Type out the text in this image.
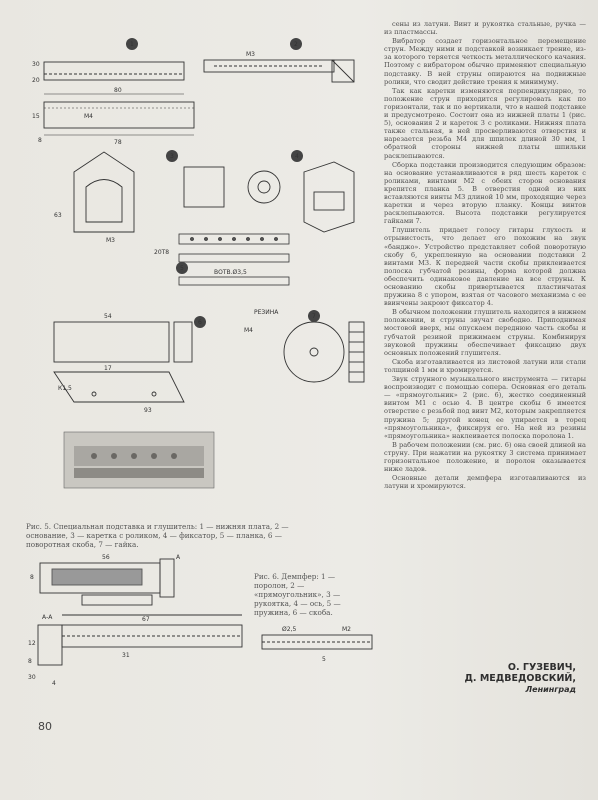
1	2
3	4
5
6
7
М3
20
30
80
15	М4
8	78
63
М3
20Т8
ВОТВ.Ø3,5
54
17
К1,5
М4
93
РЕЗИНА
Рис. 5. Специальная подставка и глушитель: 1 — нижняя плата, 2 — основание, 3 — каретка с роликом, 4 — фиксатор, 5 — планка, 6 — поворотная скоба, 7 — гайка.
56
8
А
А-А	67
12
8
30
Ø2,5	М2
31
4
5
Рис. 6. Демпфер: 1 — поролон, 2 — «прямоугольник», 3 — рукоятка, 4 — ось, 5 — пружина, 6 — скоба.

сены из латуни. Винт и рукоятка стальные, ручка — из пластмассы.

Вибратор создает горизонтальное перемещение струн. Между ними и подставкой возникает трение, из-за которого теряется четкость металлического качания. Поэтому с вибратором обычно применяют специальную подставку. В ней струны опираются на подвижные ролики, что сводит действие трения к минимуму.

Так как каретки изменяются перпендикулярно, то положение струн приходится регулировать как по горизонтали, так и по вертикали, что в нашей подставке и предусмотрено. Состоит она из нижней платы 1 (рис. 5), основания 2 и кареток 3 с роликами. Нижняя плата также стальная, в ней просверливаются отверстия и нарезается резьба М4 для шпилек длиной 30 мм, 1 обратной стороны нижней платы шпильки расклепываются.

Сборка подставки производится следующим образом: на основание устанавливаются в ряд шесть кареток с роликами, винтами М2 с обеих сторон основания крепится планка 5. В отверстия одной из них вставляются винты М3 длиной 10 мм, проходящие через каретки и через вторую планку. Концы винтов расклепываются. Высота подставки регулируется гайками 7.

Глушитель придает голосу гитары глухость и отрывистость, что делает его похожим на звук «банджо». Устройство представляет собой поворотную скобу 6, укрепленную на основании подставки 2 винтами М3. К передней части скобы приклеивается полоска губчатой резины, форма которой должна обеспечить одинаковое давление на все струны. К основанию скобы привертывается пластинчатая пружина 8 с упором, взятая от часового механизма с ее ввинчены закроют фиксатор 4.

В обычном положении глушитель находится в нижнем положении, и струны звучат свободно. Приподнимая мостовой вверх, мы опускаем переднюю часть скобы и губчатой резиной прижимаем струны. Комбинируя звуковой пружины обеспечивает фиксацию двух основных положений глушителя.

Скоба изготавливается из листовой латуни или стали толщиной 1 мм и хромируется.

Звук струнного музыкального инструмента — гитары воспроизводит с помощью сопера. Основная его деталь — «прямоугольник» 2 (рис. 6), жестко соединенный винтом М1 с осью 4. В центре скобы 6 имеется отверстие с резьбой под винт М2, которым закрепляется пружина 5; другой конец ее упирается в торец «прямоугольника», фиксируя его. На ней из резины «прямоугольника» наклеивается полоска поролона 1.

В рабочем положении (см. рис. 6) она своей длиной на струну. При нажатии на рукоятку 3 система принимает горизонтальное положение, и поролон оказывается ниже ладов.

Основные детали демпфера изготавливаются из латуни и хромируются.

О. ГУЗЕВИЧ,
Д. МЕДВЕДОВСКИЙ,
Ленинград
80
